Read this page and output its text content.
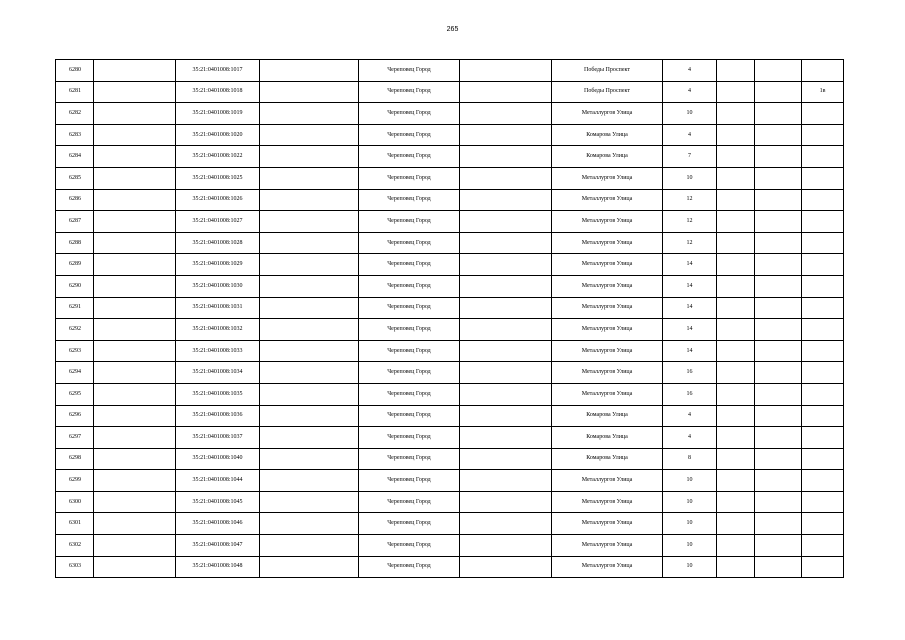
265
6280		35:21:0401008:1017		Череповец Город		Победы Проспект	4			
6281		35:21:0401008:1018		Череповец Город		Победы Проспект	4			1в
6282		35:21:0401008:1019		Череповец Город		Металлургов Улица	10			
6283		35:21:0401008:1020		Череповец Город		Комарова Улица	4			
6284		35:21:0401008:1022		Череповец Город		Комарова Улица	7			
6285		35:21:0401008:1025		Череповец Город		Металлургов Улица	10			
6286		35:21:0401008:1026		Череповец Город		Металлургов Улица	12			
6287		35:21:0401008:1027		Череповец Город		Металлургов Улица	12			
6288		35:21:0401008:1028		Череповец Город		Металлургов Улица	12			
6289		35:21:0401008:1029		Череповец Город		Металлургов Улица	14			
6290		35:21:0401008:1030		Череповец Город		Металлургов Улица	14			
6291		35:21:0401008:1031		Череповец Город		Металлургов Улица	14			
6292		35:21:0401008:1032		Череповец Город		Металлургов Улица	14			
6293		35:21:0401008:1033		Череповец Город		Металлургов Улица	14			
6294		35:21:0401008:1034		Череповец Город		Металлургов Улица	16			
6295		35:21:0401008:1035		Череповец Город		Металлургов Улица	16			
6296		35:21:0401008:1036		Череповец Город		Комарова Улица	4			
6297		35:21:0401008:1037		Череповец Город		Комарова Улица	4			
6298		35:21:0401008:1040		Череповец Город		Комарова Улица	8			
6299		35:21:0401008:1044		Череповец Город		Металлургов Улица	10			
6300		35:21:0401008:1045		Череповец Город		Металлургов Улица	10			
6301		35:21:0401008:1046		Череповец Город		Металлургов Улица	10			
6302		35:21:0401008:1047		Череповец Город		Металлургов Улица	10			
6303		35:21:0401008:1048		Череповец Город		Металлургов Улица	10			
